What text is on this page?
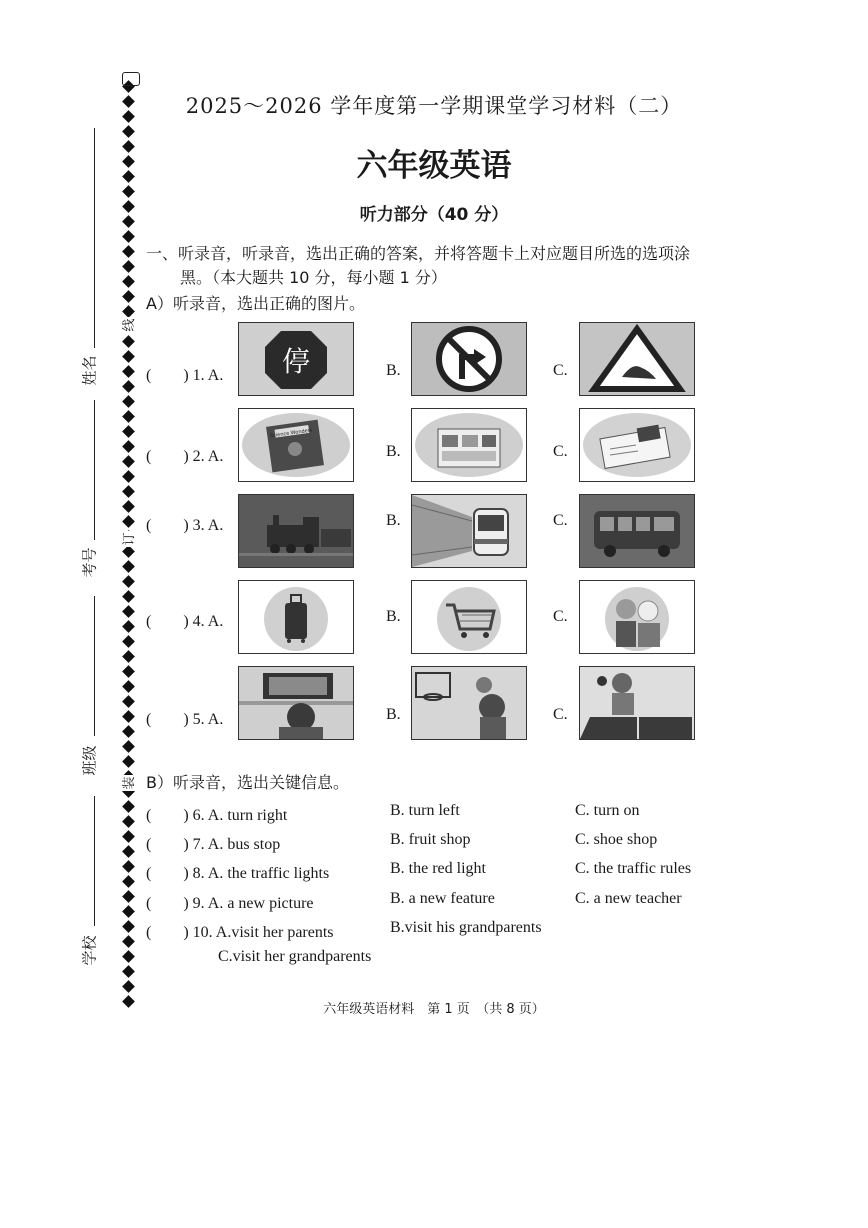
姓名
考号
班级
学校
线
订
装
2025～2026 学年度第一学期课堂学习材料（二）
六年级英语
听力部分（40 分）
一、听录音，听录音，选出正确的答案，并将答题卡上对应题目所选的选项涂
黑。（本大题共 10 分，每小题 1 分）
A）听录音，选出正确的图片。
(　　) 1. A. 停	B.	C.
(　　) 2. A.
Science Wonders
B.	C.
(　　) 3. A.	B.	C.
(　　) 4. A.	B.	C.
(　　) 5. A.	B.	C.
B）听录音，选出关键信息。
(　　) 6. A. turn right	B. turn left	C. turn on
(　　) 7. A. bus stop	B. fruit shop	C. shoe shop
(　　) 8. A. the traffic lights	B. the red light	C. the traffic rules
(　　) 9. A. a new picture	B. a new feature	C. a new teacher
(　　) 10. A.visit her parents	B.visit his grandparents
C.visit her grandparents
六年级英语材料　第 1 页　（共 8 页）
